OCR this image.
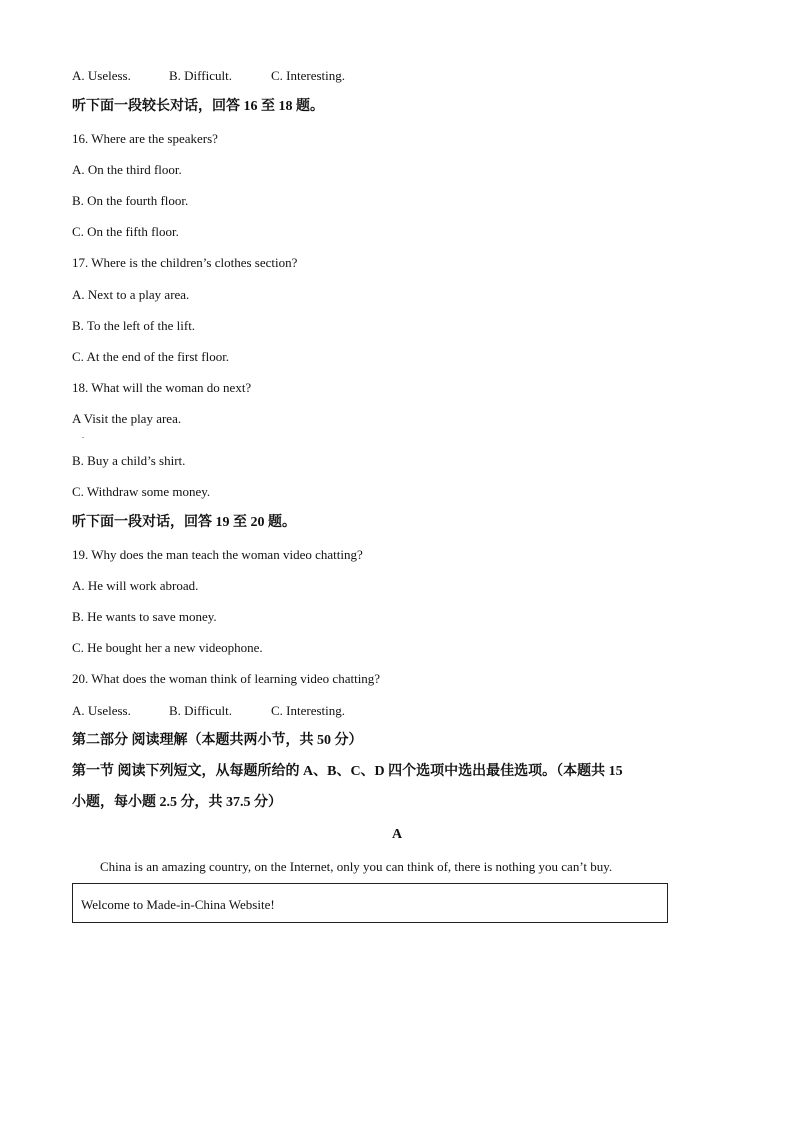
A. Useless.	B. Difficult.	C. Interesting.
听下面一段较长对话，回答 16 至 18 题。
16. Where are the speakers?
A. On the third floor.
B. On the fourth floor.
C. On the fifth floor.
17. Where is the children’s clothes section?
A. Next to a play area.
B. To the left of the lift.
C. At the end of the first floor.
18. What will the woman do next?
A Visit the play area.
.
B. Buy a child’s shirt.
C. Withdraw some money.
听下面一段对话，回答 19 至 20 题。
19. Why does the man teach the woman video chatting?
A. He will work abroad.
B. He wants to save money.
C. He bought her a new videophone.
20. What does the woman think of learning video chatting?
A. Useless.	B. Difficult.	C. Interesting.
第二部分 阅读理解（本题共两小节，共 50 分）
第一节 阅读下列短文，从每题所给的 A、B、C、D 四个选项中选出最佳选项。（本题共 15
小题，每小题 2.5 分，共 37.5 分）
A
China is an amazing country, on the Internet, only you can think of, there is nothing you can’t buy.
Welcome to Made-in-China Website!
